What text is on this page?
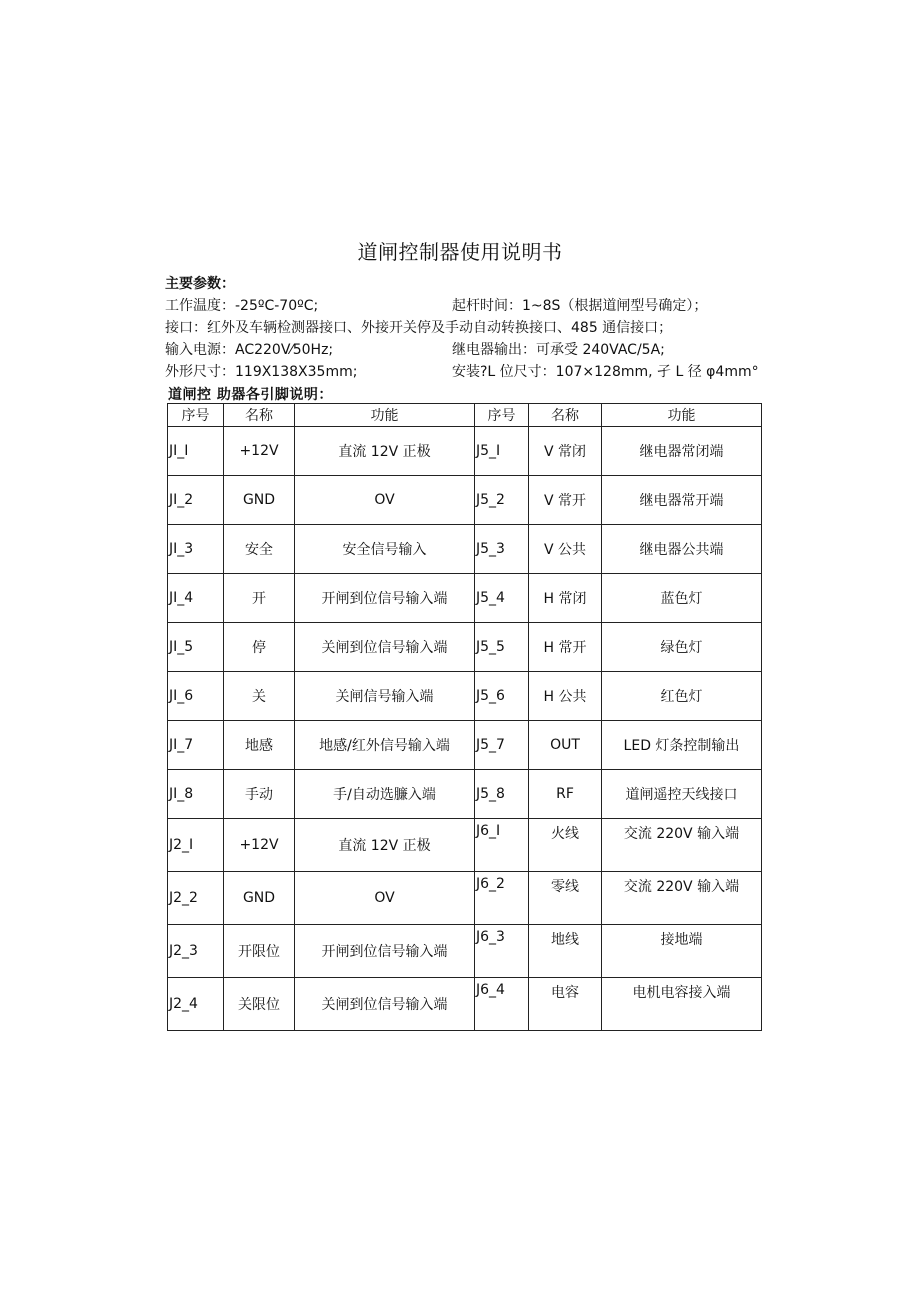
道闸控制器使用说明书
主要参数：
工作温度：-25ºC-70ºC;	起杆时间：1~8S（根据道闸型号确定）；
接口：红外及车辆检测器接口、外接开关停及手动自动转换接口、485 通信接口；
输入电源：AC220V⁄50Hz;	继电器输出：可承受 240VAC/5A;
外形尺寸：119X138X35mm;	安装?L 位尺寸：107×128mm, 孑 L 径 φ4mm°
道闸控 助器各引脚说明：
序号	名称	功能	序号	名称	功能
JI_I	+12V	直流 12V 正极	J5_I	V 常闭	继电器常闭端
JI_2	GND	OV	J5_2	V 常开	继电器常开端
JI_3	安全	安全信号输入	J5_3	V 公共	继电器公共端
JI_4	开	开闸到位信号输入端	J5_4	H 常闭	蓝色灯
JI_5	停	关闸到位信号输入端	J5_5	H 常开	绿色灯
JI_6	关	关闸信号输入端	J5_6	H 公共	红色灯
JI_7	地感	地感/红外信号输入端	J5_7	OUT	LED 灯条控制输出
JI_8	手动	手/自动选臁入端	J5_8	RF	道闸遥控天线接口
J2_I	+12V	直流 12V 正极	J6_I	火线	交流 220V 输入端
J2_2	GND	OV	J6_2	零线	交流 220V 输入端
J2_3	开限位	开闸到位信号输入端	J6_3	地线	接地端
J2_4	关限位	关闸到位信号输入端	J6_4	电容	电机电容接入端
